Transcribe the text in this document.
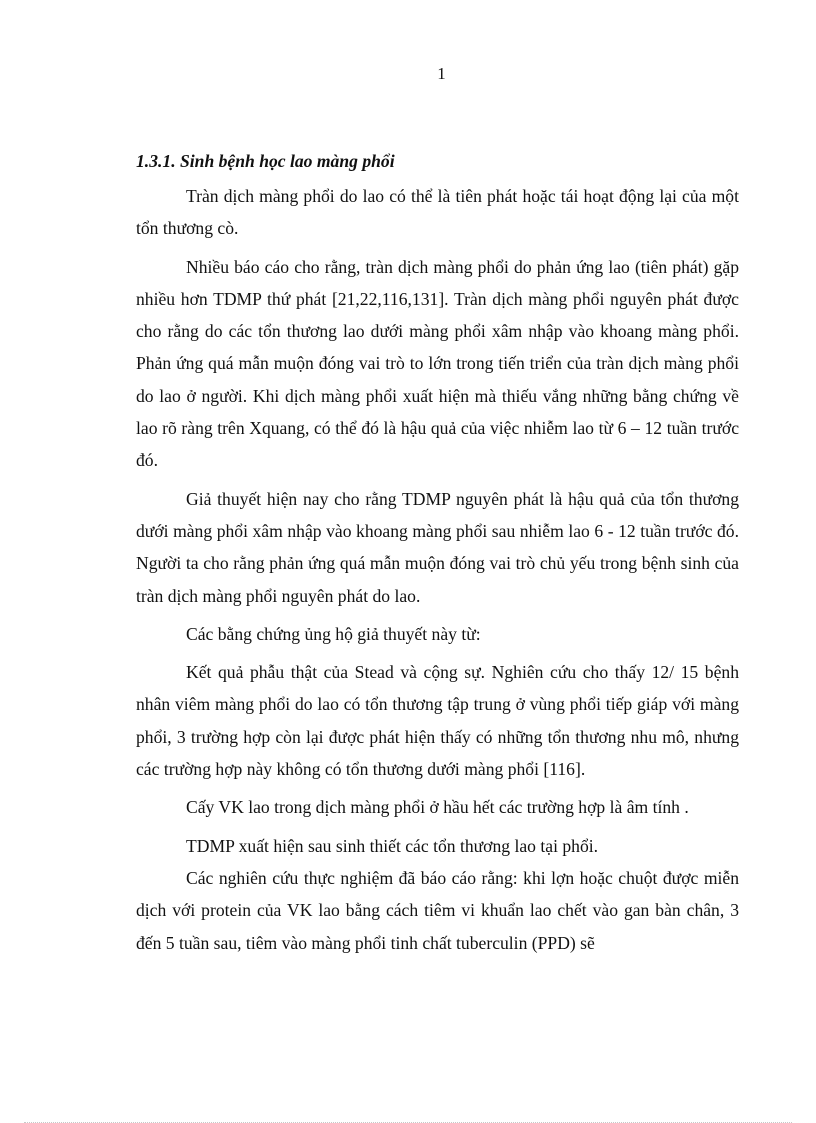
1
1.3.1. Sinh bệnh học lao màng phổi

Tràn dịch màng phổi do lao có thể là tiên phát hoặc tái hoạt động lại của một tổn thương cò.

Nhiều báo cáo cho rằng, tràn dịch màng phổi do phản ứng lao (tiên phát) gặp nhiều hơn TDMP thứ phát [21,22,116,131]. Tràn dịch màng phổi nguyên phát được cho rằng do các tổn thương lao dưới màng phổi xâm nhập vào khoang màng phổi. Phản ứng quá mẫn muộn đóng vai trò to lớn trong tiến triển của tràn dịch màng phổi do lao ở người. Khi dịch màng phổi xuất hiện mà thiếu vắng những bằng chứng về lao rõ ràng trên Xquang, có thể đó là hậu quả của việc nhiễm lao từ 6 – 12 tuần trước đó.

Giả thuyết hiện nay cho rằng TDMP nguyên phát là hậu quả của tổn thương dưới màng phổi xâm nhập vào khoang màng phổi sau nhiễm lao 6 - 12 tuần trước đó. Người ta cho rằng phản ứng quá mẫn muộn đóng vai trò chủ yếu trong bệnh sinh của tràn dịch màng phổi nguyên phát do lao.

Các bằng chứng ủng hộ giả thuyết này từ:

Kết quả phẫu thật của Stead và cộng sự. Nghiên cứu cho thấy 12/ 15 bệnh nhân viêm màng phổi do lao có tổn thương tập trung ở vùng phổi tiếp giáp với màng phổi, 3 trường hợp còn lại được phát hiện thấy có những tổn thương nhu mô, nhưng các trường hợp này không có tổn thương dưới màng phổi [116].

Cấy VK lao trong dịch màng phổi ở hầu hết các trường hợp là âm tính .

TDMP xuất hiện sau sinh thiết các tổn thương lao tại phổi.

Các nghiên cứu thực nghiệm đã báo cáo rằng: khi lợn hoặc chuột được miễn dịch với protein của VK lao bằng cách tiêm vi khuẩn lao chết vào gan bàn chân, 3 đến 5 tuần sau, tiêm vào màng phổi tinh chất tuberculin (PPD) sẽ
